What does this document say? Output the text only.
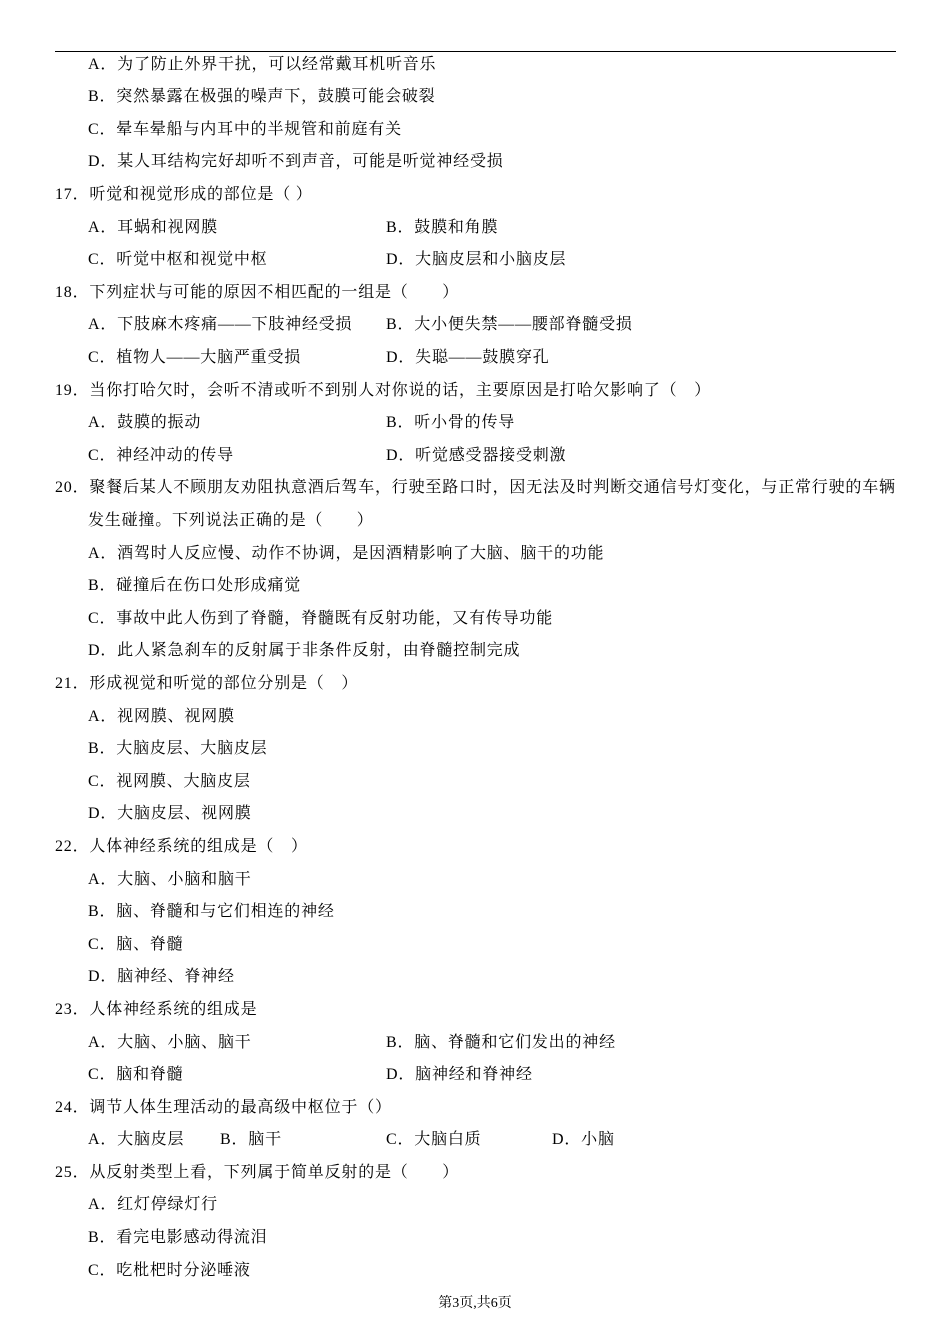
A．为了防止外界干扰，可以经常戴耳机听音乐
B．突然暴露在极强的噪声下，鼓膜可能会破裂
C．晕车晕船与内耳中的半规管和前庭有关
D．某人耳结构完好却听不到声音，可能是听觉神经受损
17．听觉和视觉形成的部位是（ ）
A．耳蜗和视网膜	B．鼓膜和角膜
C．听觉中枢和视觉中枢	D．大脑皮层和小脑皮层
18．下列症状与可能的原因不相匹配的一组是（　　）
A．下肢麻木疼痛——下肢神经受损 B．大小便失禁——腰部脊髓受损
C．植物人——大脑严重受损	D．失聪——鼓膜穿孔
19．当你打哈欠时，会听不清或听不到别人对你说的话，主要原因是打哈欠影响了（　）
A．鼓膜的振动	B．听小骨的传导
C．神经冲动的传导	D．听觉感受器接受刺激
20．聚餐后某人不顾朋友劝阻执意酒后驾车，行驶至路口时，因无法及时判断交通信号灯变化，与正常行驶的车辆
发生碰撞。下列说法正确的是（　　）
A．酒驾时人反应慢、动作不协调，是因酒精影响了大脑、脑干的功能
B．碰撞后在伤口处形成痛觉
C．事故中此人伤到了脊髓，脊髓既有反射功能，又有传导功能
D．此人紧急刹车的反射属于非条件反射，由脊髓控制完成
21．形成视觉和听觉的部位分别是（　）
A．视网膜、视网膜
B．大脑皮层、大脑皮层
C．视网膜、大脑皮层
D．大脑皮层、视网膜
22．人体神经系统的组成是（　）
A．大脑、小脑和脑干
B．脑、脊髓和与它们相连的神经
C．脑、脊髓
D．脑神经、脊神经
23．人体神经系统的组成是
A．大脑、小脑、脑干	B．脑、脊髓和它们发出的神经
C．脑和脊髓	D．脑神经和脊神经
24．调节人体生理活动的最高级中枢位于（）
A．大脑皮层 B．脑干	C．大脑白质	D．小脑
25．从反射类型上看，下列属于简单反射的是（　　）
A．红灯停绿灯行
B．看完电影感动得流泪
C．吃枇杷时分泌唾液
第3页,共6页
